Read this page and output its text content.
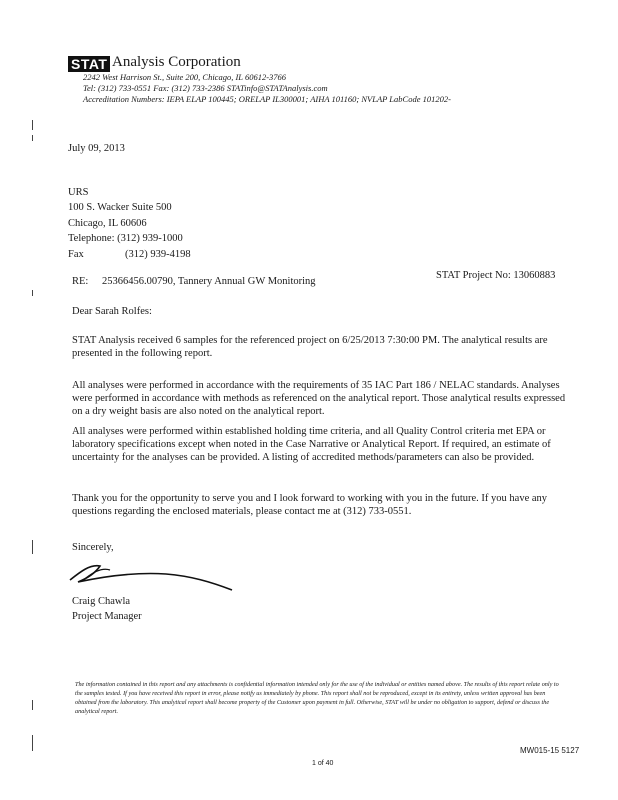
STAT Analysis Corporation
2242 West Harrison St., Suite 200, Chicago, IL 60612-3766
Tel: (312) 733-0551 Fax: (312) 733-2386 STATinfo@STATAnalysis.com
Accreditation Numbers: IEPA ELAP 100445; ORELAP IL300001; AIHA 101160; NVLAP LabCode 101202-
July 09, 2013
URS
100 S. Wacker Suite 500
Chicago, IL 60606
Telephone: (312) 939-1000
Fax	(312) 939-4198
RE: 25366456.00790, Tannery Annual GW Monitoring
STAT Project No: 13060883
Dear Sarah Rolfes:
STAT Analysis received 6 samples for the referenced project on 6/25/2013 7:30:00 PM. The analytical results are presented in the following report.
All analyses were performed in accordance with the requirements of 35 IAC Part 186 / NELAC standards. Analyses were performed in accordance with methods as referenced on the analytical report. Those analytical results expressed on a dry weight basis are also noted on the analytical report.
All analyses were performed within established holding time criteria, and all Quality Control criteria met EPA or laboratory specifications except when noted in the Case Narrative or Analytical Report. If required, an estimate of uncertainty for the analyses can be provided. A listing of accredited methods/parameters can also be provided.
Thank you for the opportunity to serve you and I look forward to working with you in the future. If you have any questions regarding the enclosed materials, please contact me at (312) 733-0551.
Sincerely,
Craig Chawla
Project Manager
The information contained in this report and any attachments is confidential information intended only for the use of the individual or entities named above. The results of this report relate only to the samples tested. If you have received this report in error, please notify us immediately by phone. This report shall not be reproduced, except in its entirety, unless written approval has been obtained from the laboratory. This analytical report shall become property of the Customer upon payment in full. Otherwise, STAT will be under no obligation to support, defend or discuss the analytical report.
MW015-15 5127
1 of 40
